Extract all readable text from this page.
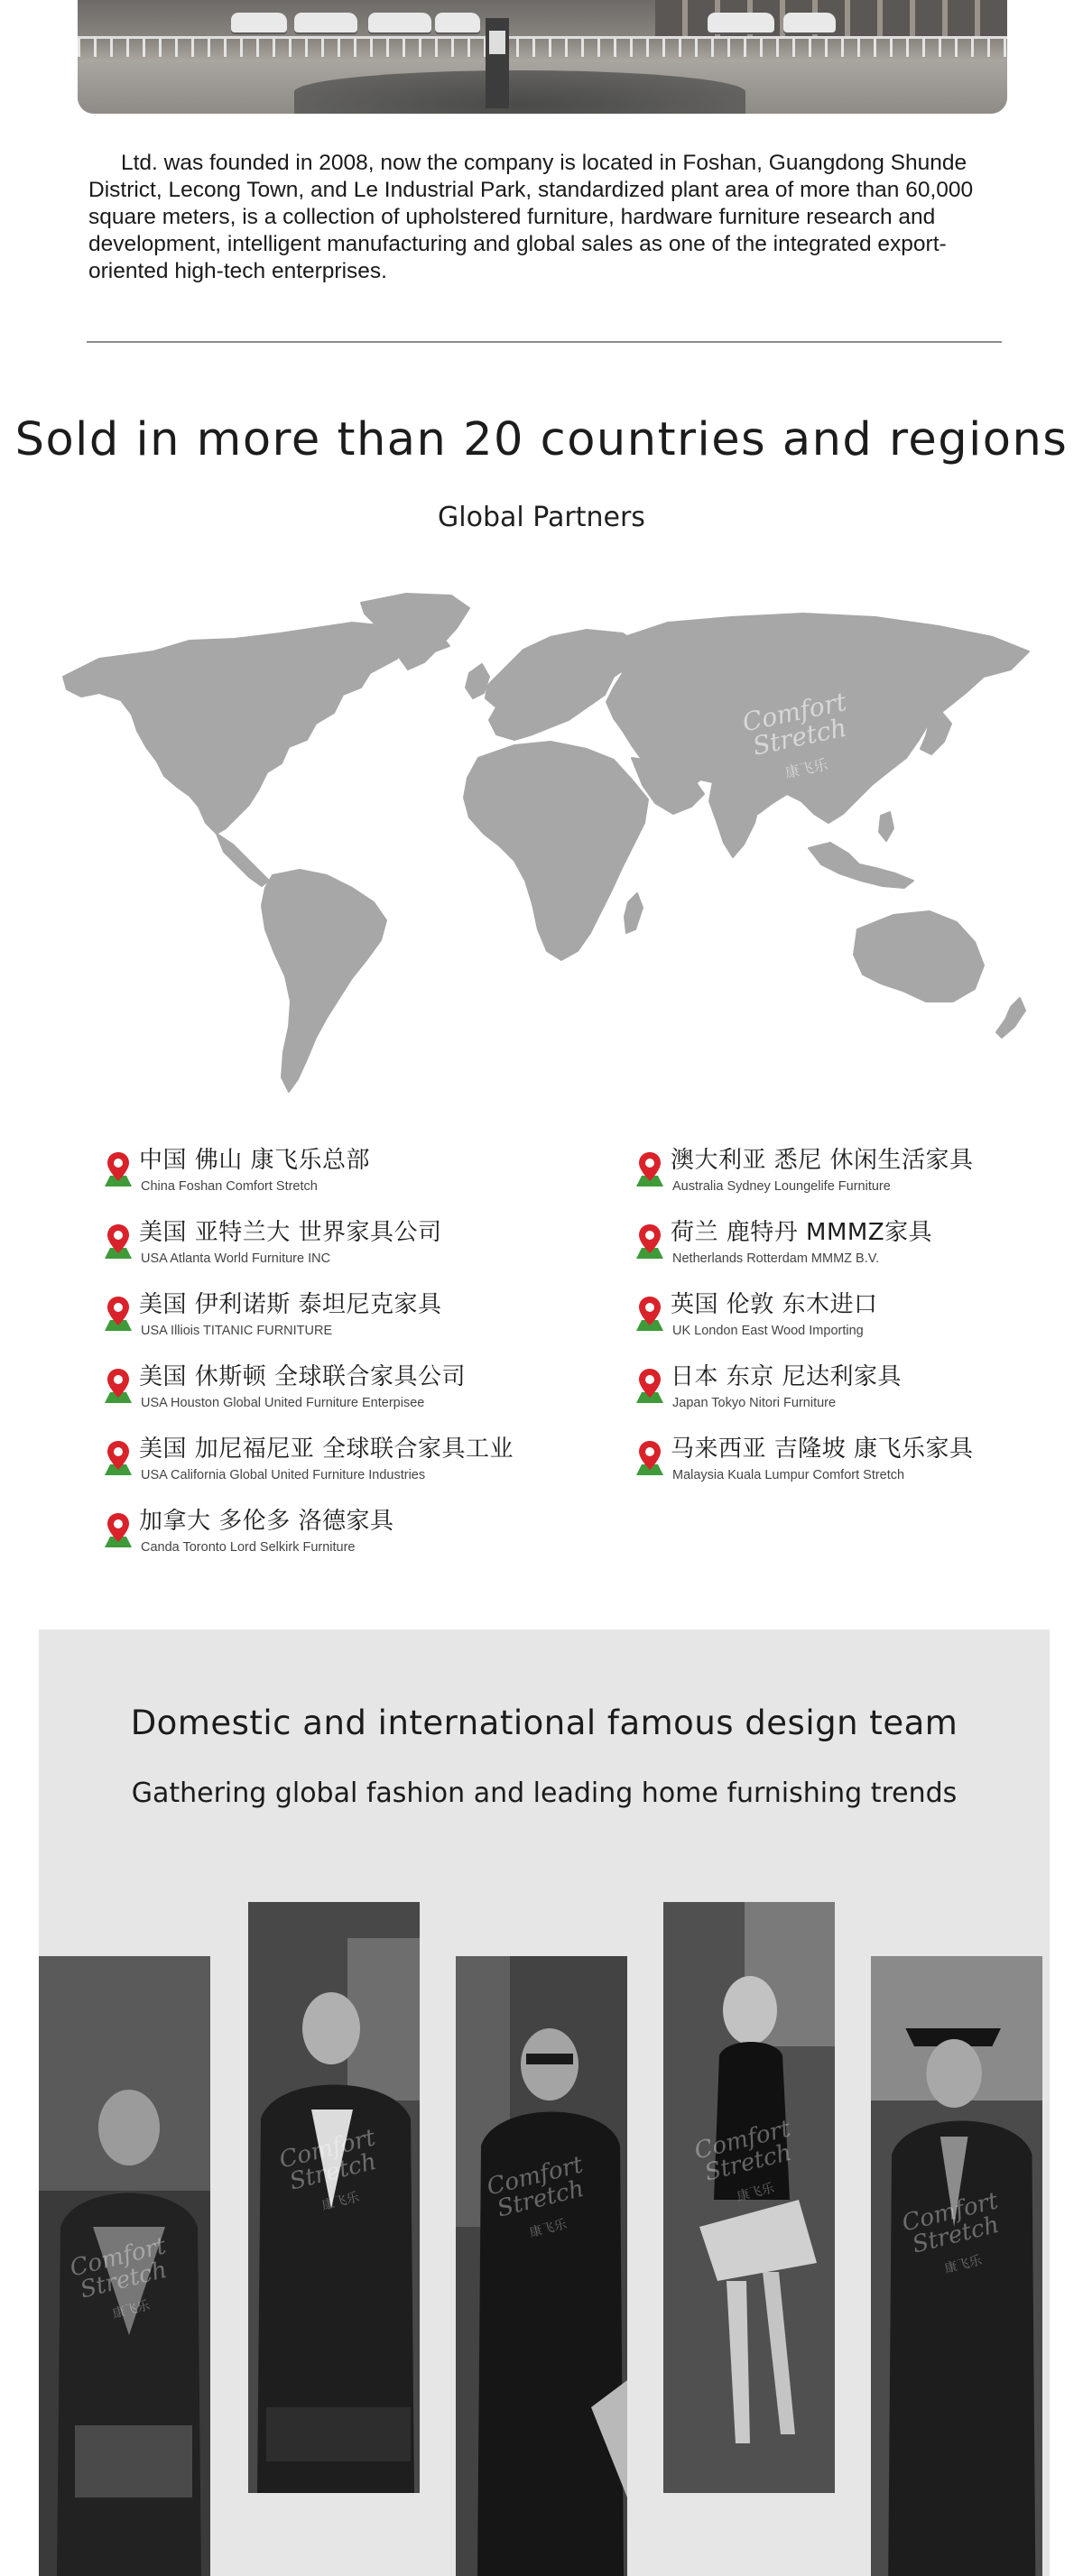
Ltd. was founded in 2008, now the company is located in Foshan, Guangdong Shunde District, Lecong Town, and Le Industrial Park, standardized plant area of more than 60,000 square meters, is a collection of upholstered furniture, hardware furniture research and development, intelligent manufacturing and global sales as one of the integrated export-oriented high-tech enterprises.

Sold in more than 20 countries and regions
Global Partners
Comfort Stretch
康飞乐
中国 佛山 康飞乐总部
China Foshan Comfort Stretch
美国 亚特兰大 世界家具公司
USA Atlanta World Furniture INC
美国 伊利诺斯 泰坦尼克家具
USA Illiois TITANIC FURNITURE
美国 休斯顿 全球联合家具公司
USA Houston Global United Furniture Enterpisee
美国 加尼福尼亚 全球联合家具工业
USA California Global United Furniture Industries
加拿大 多伦多 洛德家具
Canda Toronto Lord Selkirk Furniture
澳大利亚 悉尼 休闲生活家具
Australia Sydney Loungelife Furniture
荷兰 鹿特丹 MMMZ家具
Netherlands Rotterdam MMMZ B.V.
英国 伦敦 东木进口
UK London East Wood Importing
日本 东京 尼达利家具
Japan Tokyo Nitori Furniture
马来西亚 吉隆坡 康飞乐家具
Malaysia Kuala Lumpur Comfort Stretch
Domestic and international famous design team
Gathering global fashion and leading home furnishing trends
Comfort Stretch
康飞乐
Comfort Stretch
康飞乐
Comfort Stretch
康飞乐
Comfort Stretch
康飞乐	Comfort Stretch
康飞乐
